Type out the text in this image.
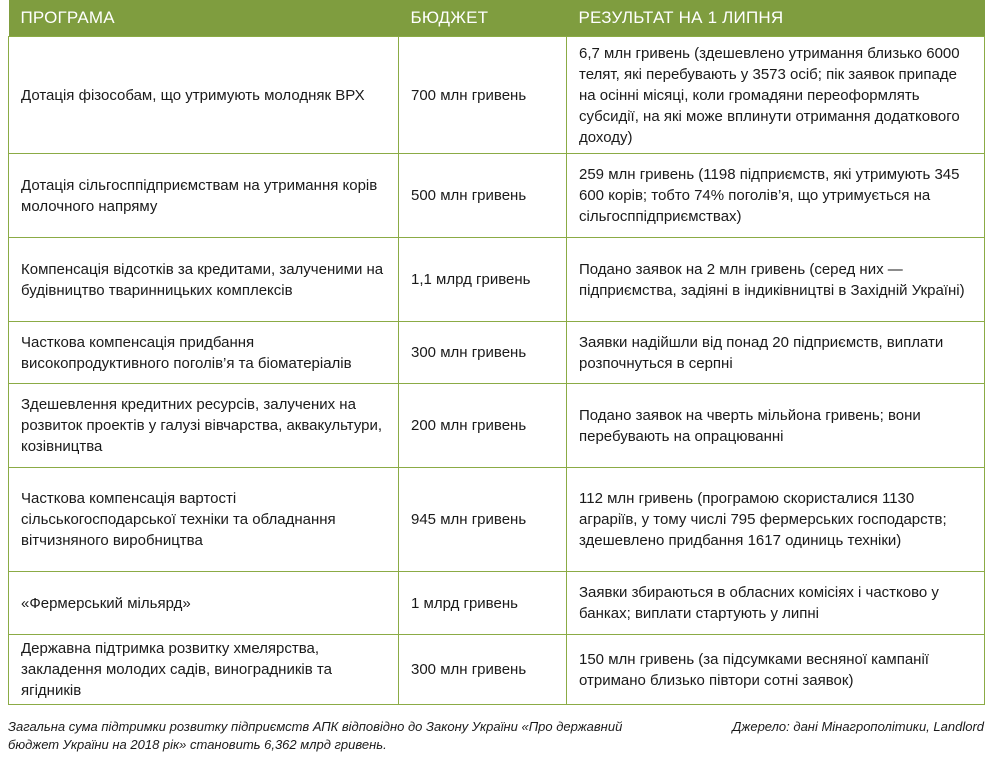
ПРОГРАМА	БЮДЖЕТ	РЕЗУЛЬТАТ НА 1 ЛИПНЯ
Дотація фізособам, що утримують молодняк ВРХ	700 млн гривень	6,7 млн гривень (здешевлено утримання близько 6000 телят, які перебувають у 3573 осіб; пік заявок припаде на осінні місяці, коли громадяни переоформлять субсидії, на які може вплинути отримання додаткового доходу)
Дотація сільгосппідприємствам на утримання корів молочного напряму	500 млн гривень	259 млн гривень (1198 підприємств, які утримують 345 600 корів; тобто 74% поголів’я, що утримується на сільгосппідприємствах)
Компенсація відсотків за кредитами, залученими на будівництво тваринницьких комплексів	1,1 млрд гривень	Подано заявок на 2 млн гривень (серед них — підприємства, задіяні в індиківництві в Західній Україні)
Часткова компенсація придбання високопродуктивного поголів’я та біоматеріалів	300 млн гривень	Заявки надійшли від понад 20 підприємств, виплати розпочнуться в серпні
Здешевлення кредитних ресурсів, залучених на розвиток проектів у галузі вівчарства, аквакультури, козівництва	200 млн гривень	Подано заявок на чверть мільйона гривень; вони перебувають на опрацюванні
Часткова компенсація вартості сільськогосподарської техніки та обладнання вітчизняного виробництва	945 млн гривень	112 млн гривень (програмою скористалися 1130 аграріїв, у тому числі 795 фермерських господарств; здешевлено придбання 1617 одиниць техніки)
«Фермерський мільярд»	1 млрд гривень	Заявки збираються в обласних комісіях і частково у банках; виплати стартують у липні
Державна підтримка розвитку хмелярства, закладення молодих садів, виноградників та ягідників	300 млн гривень	150 млн гривень (за підсумками весняної кампанії отримано близько півтори сотні заявок)
Загальна сума підтримки розвитку підприємств АПК відповідно до Закону України «Про державний бюджет України на 2018 рік» становить 6,362 млрд гривень.
Джерело: дані Мінагрополітики, Landlord
